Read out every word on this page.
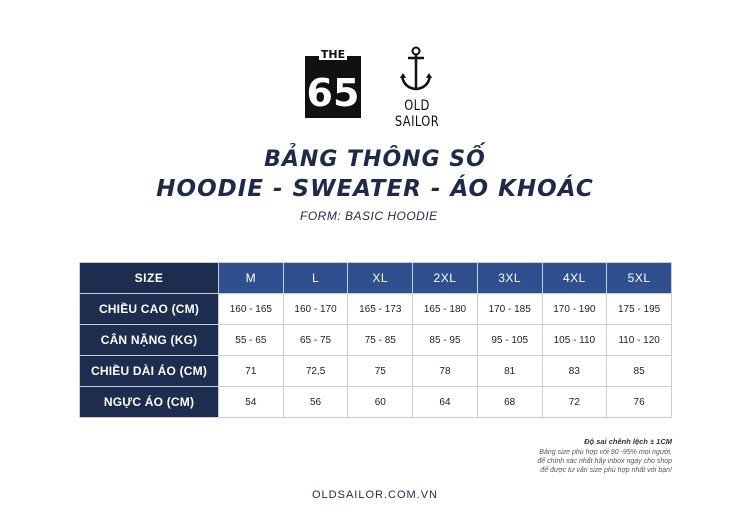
THE
65	OLD SAILOR
BẢNG THÔNG SỐ
HOODIE - SWEATER - ÁO KHOÁC
FORM: BASIC HOODIE
SIZE	M	L	XL	2XL	3XL	4XL	5XL
CHIỀU CAO (CM)	160 - 165	160 - 170	165 - 173	165 - 180	170 - 185	170 - 190	175 - 195
CÂN NẶNG (KG)	55 - 65	65 - 75	75 - 85	85 - 95	95 - 105	105 - 110	110 - 120
CHIỀU DÀI ÁO (CM)	71	72,5	75	78	81	83	85
NGỰC ÁO (CM)	54	56	60	64	68	72	76
Độ sai chênh lệch ± 1CM
Bảng size phù hợp với 90 -95% mọi người,
để chính xác nhất hãy inbox ngay cho shop
để được tư vấn size phù hợp nhất với bạn!
OLDSAILOR.COM.VN
